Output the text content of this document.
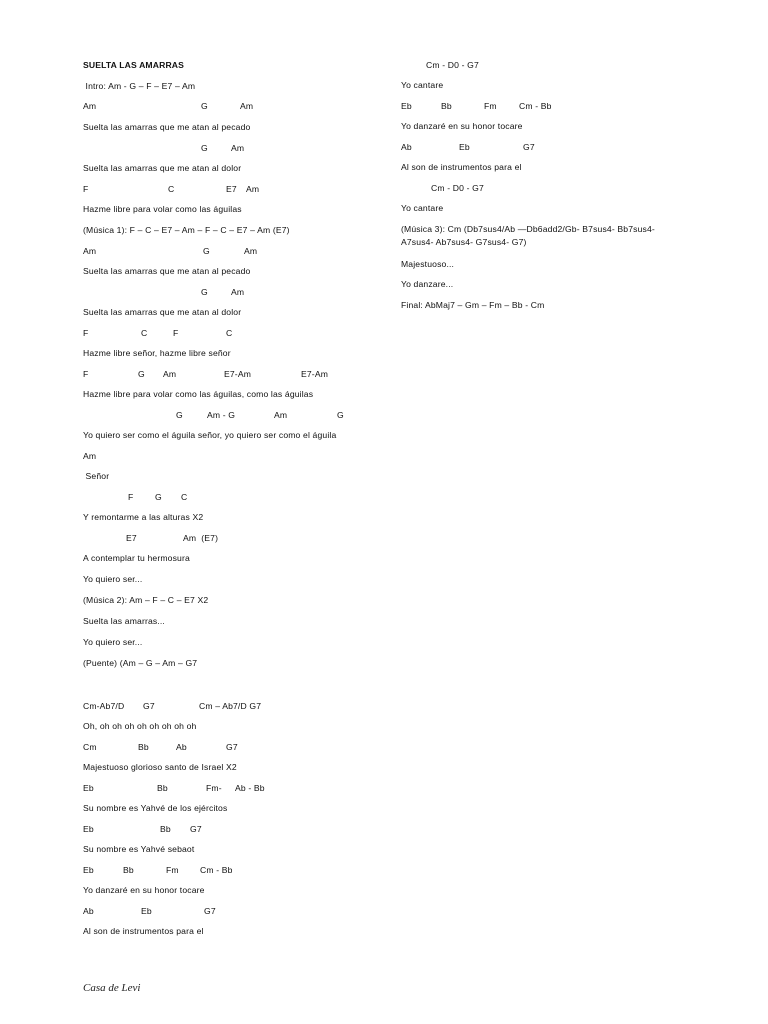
SUELTA LAS AMARRAS
Intro: Am - G – F – E7 – Am
Am	G	Am
Suelta las amarras que me atan al pecado
G	Am
Suelta las amarras que me atan al dolor
F	C	E7 Am
Hazme libre para volar como las águilas
(Música 1): F – C – E7 – Am – F – C – E7 – Am (E7)
Am	G	Am
Suelta las amarras que me atan al pecado
G	Am
Suelta las amarras que me atan al dolor
F	C	F	C
Hazme libre señor, hazme libre señor
F	G Am	E7-Am	E7-Am
Hazme libre para volar como las águilas, como las águilas
G	Am - G	Am	G
Yo quiero ser como el águila señor, yo quiero ser como el águila
Am
Señor
F	G C
Y remontarme a las alturas X2
E7	Am  (E7)
A contemplar tu hermosura
Yo quiero ser...
(Música 2): Am – F – C – E7 X2
Suelta las amarras...
Yo quiero ser...
(Puente) (Am – G – Am – G7
Cm-Ab7/D G7	Cm – Ab7/D G7
Oh, oh oh oh oh oh oh oh oh
Cm	Bb	Ab	G7
Majestuoso glorioso santo de Israel X2
Eb	Bb	Fm- Ab - Bb
Su nombre es Yahvé de los ejércitos
Eb	Bb G7
Su nombre es Yahvé sebaot
Eb	Bb	Fm Cm - Bb
Yo danzaré en su honor tocare
Ab	Eb	G7
Al son de instrumentos para el
Cm - D0 - G7
Yo cantare
Eb	Bb	Fm	Cm - Bb
Yo danzaré en su honor tocare
Ab	Eb	G7
Al son de instrumentos para el
Cm - D0 - G7
Yo cantare
(Música 3): Cm (Db7sus4/Ab —Db6add2/Gb- B7sus4- Bb7sus4- A7sus4- Ab7sus4- G7sus4- G7)
Majestuoso...
Yo danzare...
Final: AbMaj7 – Gm – Fm – Bb - Cm
Casa de Levi
